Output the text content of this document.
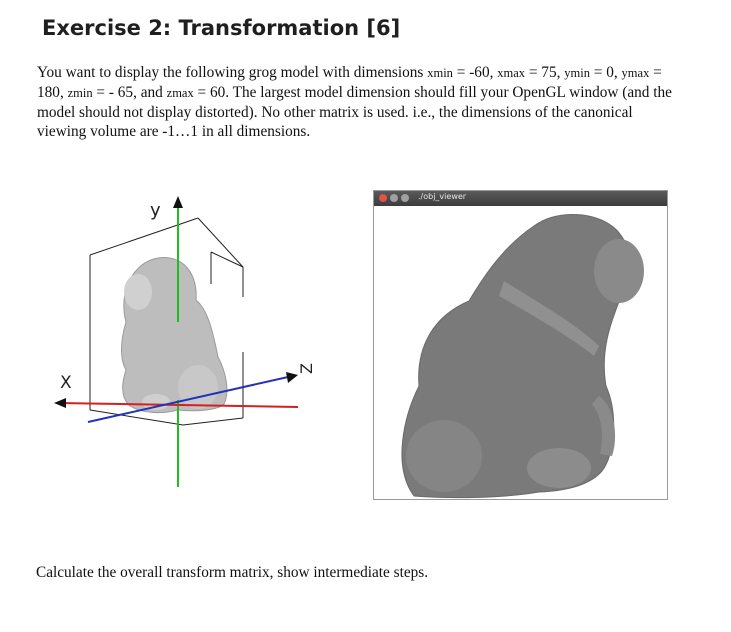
Exercise 2: Transformation [6]
You want to display the following grog model with dimensions xmin = -60, xmax = 75, ymin = 0, ymax =
180, zmin = - 65, and zmax = 60. The largest model dimension should fill your OpenGL window (and the
model should not display distorted). No other matrix is used. i.e., the dimensions of the canonical
viewing volume are -1…1 in all dimensions.
y
X
Z
./obj_viewer
Calculate the overall transform matrix, show intermediate steps.
